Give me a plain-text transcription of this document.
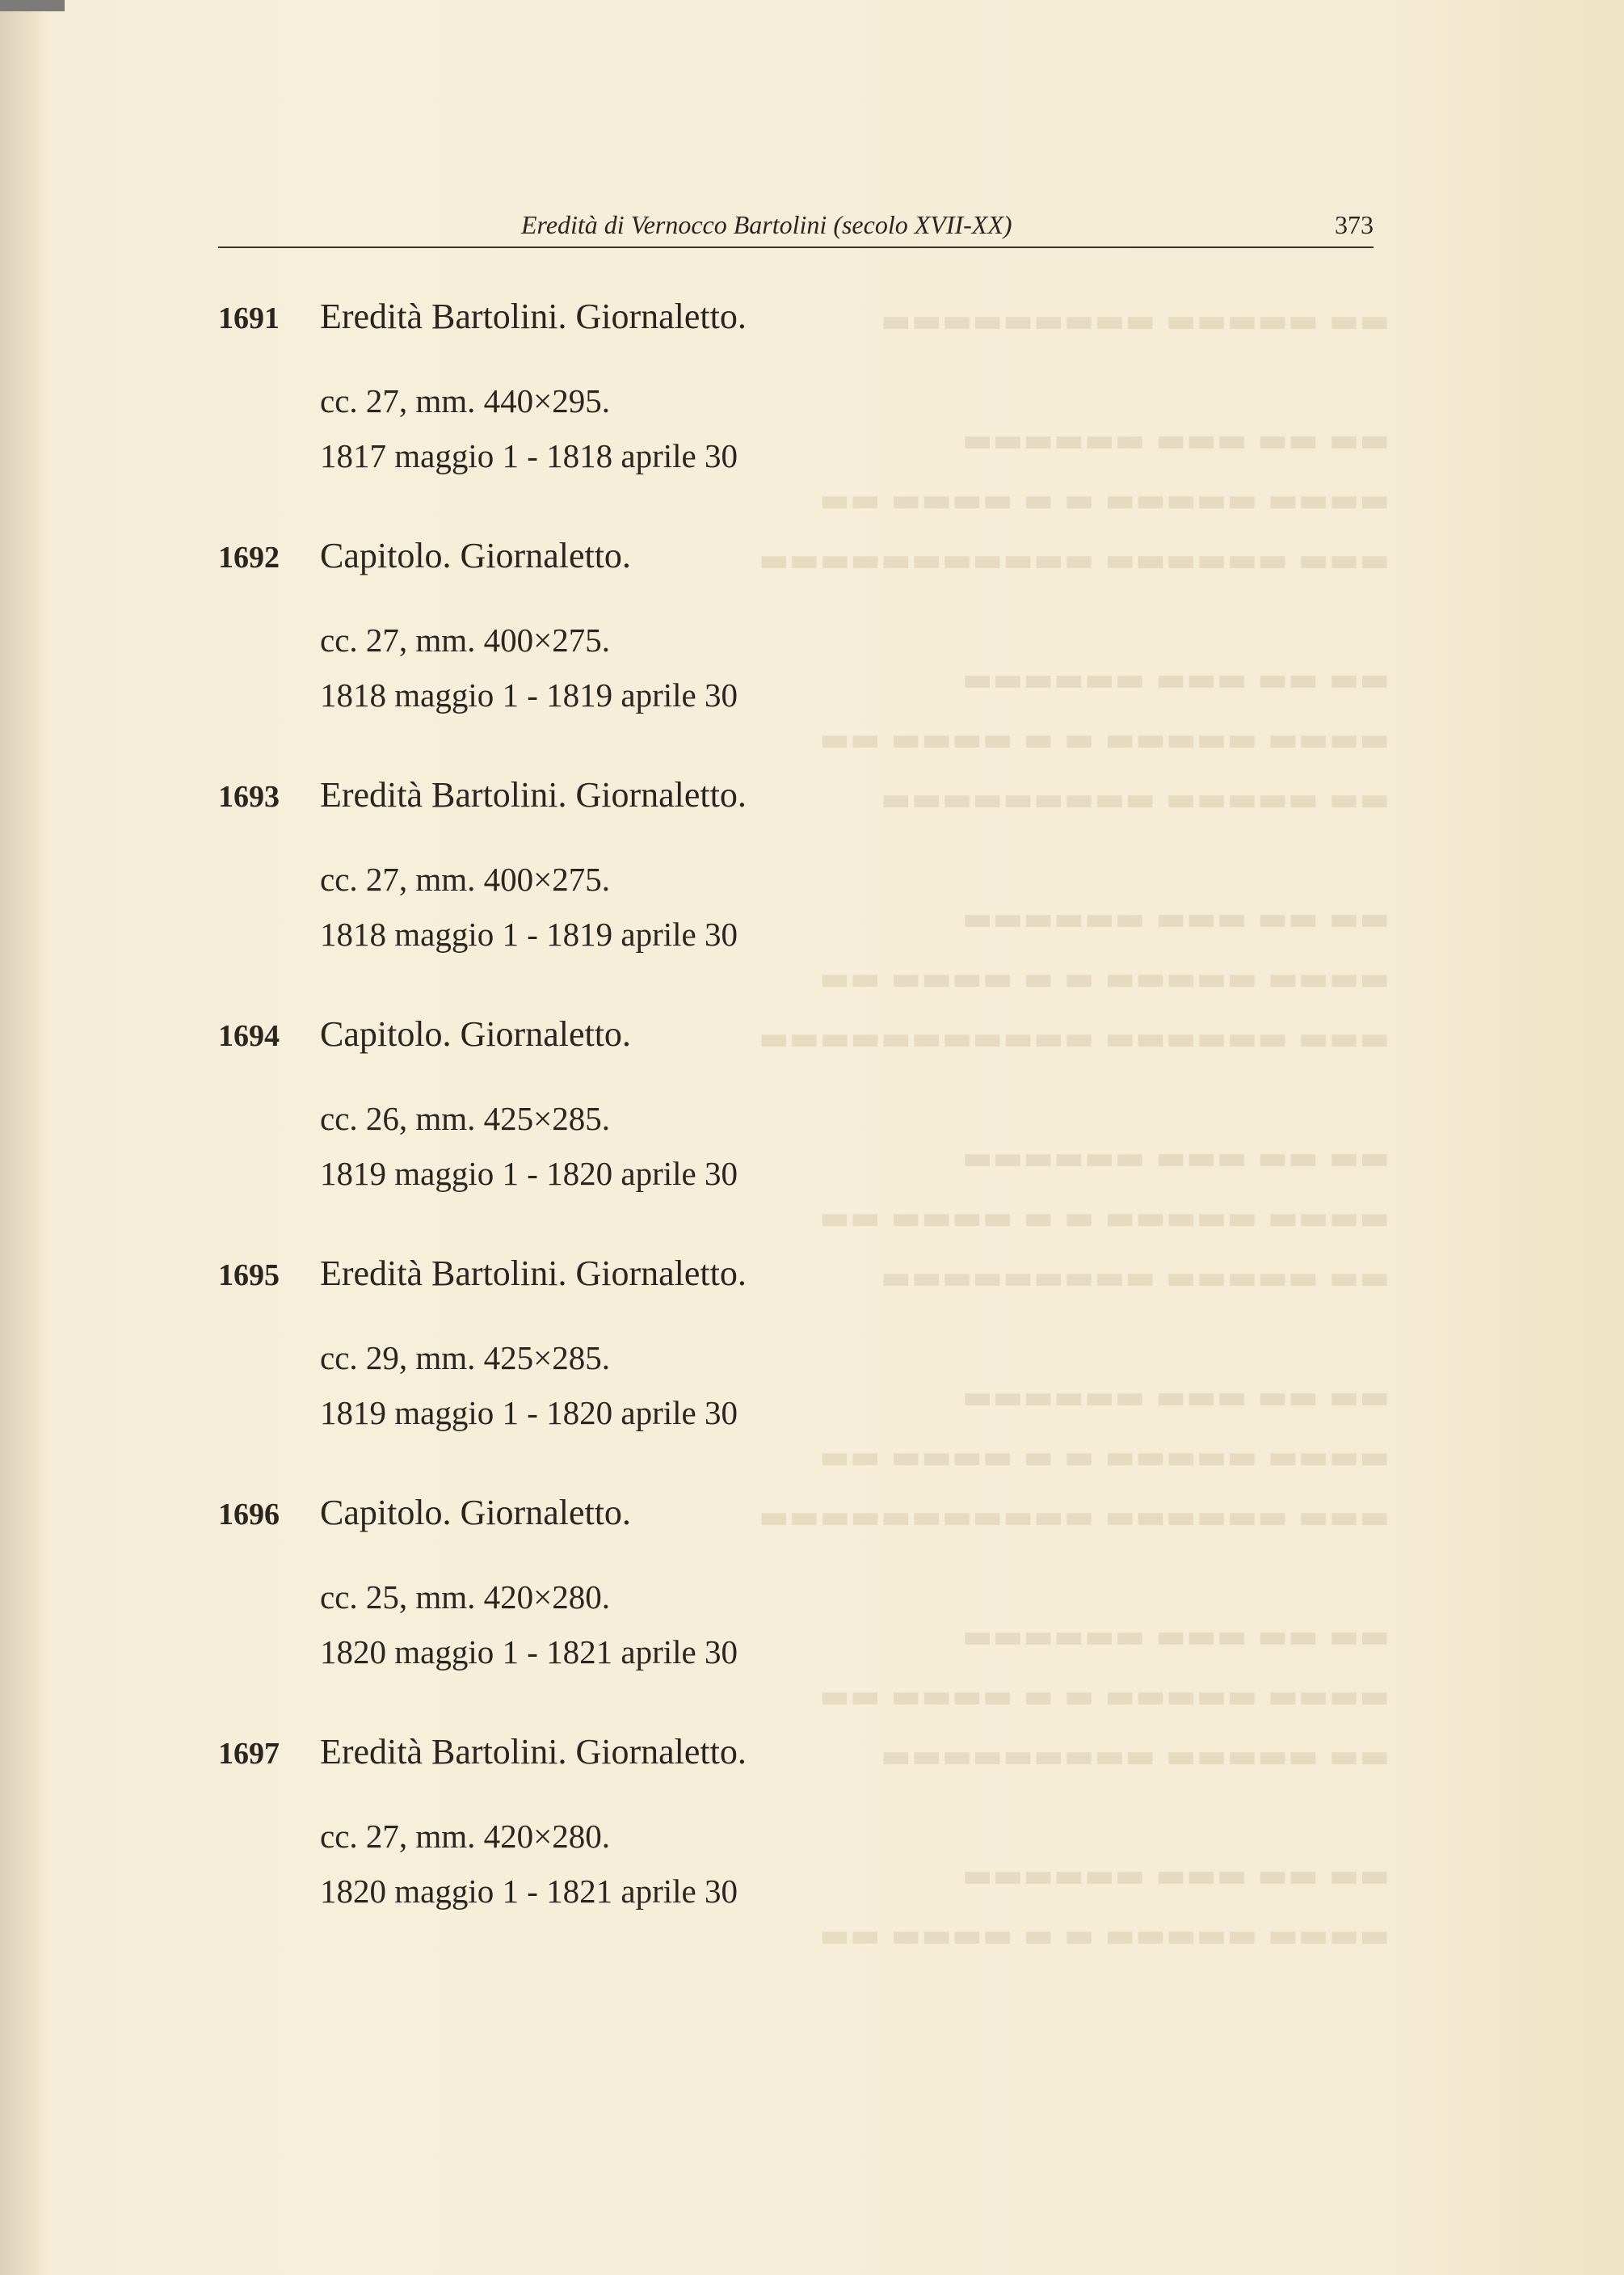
▬▬ ▬▬▬▬▬ ▬▬▬▬▬▬▬▬▬
▬▬ ▬▬ ▬▬▬ ▬▬▬▬▬▬
▬▬▬▬ ▬▬▬▬▬ ▬ ▬ ▬▬▬▬ ▬▬
▬▬▬ ▬▬▬▬▬▬ ▬▬▬▬▬▬▬▬▬▬▬
▬▬ ▬▬ ▬▬▬ ▬▬▬▬▬▬
▬▬▬▬ ▬▬▬▬▬ ▬ ▬ ▬▬▬▬ ▬▬
▬▬ ▬▬▬▬▬ ▬▬▬▬▬▬▬▬▬
▬▬ ▬▬ ▬▬▬ ▬▬▬▬▬▬
▬▬▬▬ ▬▬▬▬▬ ▬ ▬ ▬▬▬▬ ▬▬
▬▬▬ ▬▬▬▬▬▬ ▬▬▬▬▬▬▬▬▬▬▬
▬▬ ▬▬ ▬▬▬ ▬▬▬▬▬▬
▬▬▬▬ ▬▬▬▬▬ ▬ ▬ ▬▬▬▬ ▬▬
▬▬ ▬▬▬▬▬ ▬▬▬▬▬▬▬▬▬
▬▬ ▬▬ ▬▬▬ ▬▬▬▬▬▬
▬▬▬▬ ▬▬▬▬▬ ▬ ▬ ▬▬▬▬ ▬▬
▬▬▬ ▬▬▬▬▬▬ ▬▬▬▬▬▬▬▬▬▬▬
▬▬ ▬▬ ▬▬▬ ▬▬▬▬▬▬
▬▬▬▬ ▬▬▬▬▬ ▬ ▬ ▬▬▬▬ ▬▬
▬▬ ▬▬▬▬▬ ▬▬▬▬▬▬▬▬▬
▬▬ ▬▬ ▬▬▬ ▬▬▬▬▬▬
▬▬▬▬ ▬▬▬▬▬ ▬ ▬ ▬▬▬▬ ▬▬
Eredità di Vernocco Bartolini (secolo XVII-XX)	373
1691 Eredità Bartolini. Giornaletto.
cc. 27, mm. 440×295.
1817 maggio 1 - 1818 aprile 30
1692 Capitolo. Giornaletto.
cc. 27, mm. 400×275.
1818 maggio 1 - 1819 aprile 30
1693 Eredità Bartolini. Giornaletto.
cc. 27, mm. 400×275.
1818 maggio 1 - 1819 aprile 30
1694 Capitolo. Giornaletto.
cc. 26, mm. 425×285.
1819 maggio 1 - 1820 aprile 30
1695 Eredità Bartolini. Giornaletto.
cc. 29, mm. 425×285.
1819 maggio 1 - 1820 aprile 30
1696 Capitolo. Giornaletto.
cc. 25, mm. 420×280.
1820 maggio 1 - 1821 aprile 30
1697 Eredità Bartolini. Giornaletto.
cc. 27, mm. 420×280.
1820 maggio 1 - 1821 aprile 30
